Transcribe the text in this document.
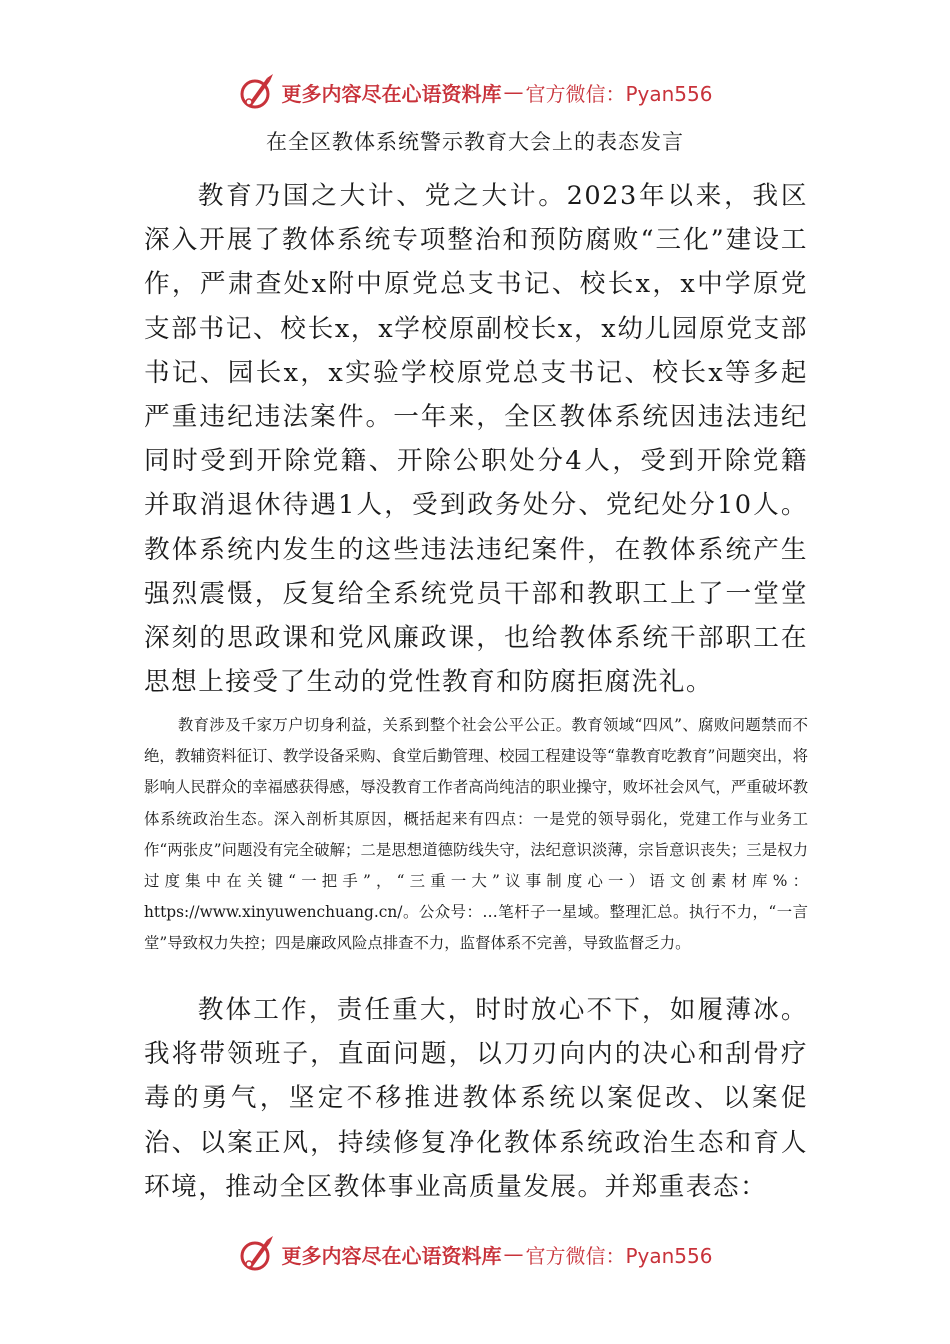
更多内容尽在心语资料库 — 官方微信：Pyan556
在全区教体系统警示教育大会上的表态发言

教育乃国之大计、党之大计。2023年以来，我区深入开展了教体系统专项整治和预防腐败“三化”建设工作，严肃查处x附中原党总支书记、校长x，x中学原党支部书记、校长x，x学校原副校长x，x幼儿园原党支部书记、园长x，x实验学校原党总支书记、校长x等多起严重违纪违法案件。一年来，全区教体系统因违法违纪同时受到开除党籍、开除公职处分4人，受到开除党籍并取消退休待遇1人，受到政务处分、党纪处分10人。教体系统内发生的这些违法违纪案件，在教体系统产生强烈震慑，反复给全系统党员干部和教职工上了一堂堂深刻的思政课和党风廉政课，也给教体系统干部职工在思想上接受了生动的党性教育和防腐拒腐洗礼。

教育涉及千家万户切身利益，关系到整个社会公平公正。教育领域“四风”、腐败问题禁而不绝，教辅资料征订、教学设备采购、食堂后勤管理、校园工程建设等“靠教育吃教育”问题突出，将影响人民群众的幸福感获得感，辱没教育工作者高尚纯洁的职业操守，败坏社会风气，严重破坏教体系统政治生态。深入剖析其原因，概括起来有四点：一是党的领导弱化，党建工作与业务工作“两张皮”问题没有完全破解；二是思想道德防线失守，法纪意识淡薄，宗旨意识丧失；三是权力过度集中在关键“一把手”，“三重一大”议事制度心一）语文创素材库%：https://www.xinyuwenchuang.cn/。公众号：…笔杆子一星域。整理汇总。执行不力，“一言堂”导致权力失控；四是廉政风险点排查不力，监督体系不完善，导致监督乏力。

教体工作，责任重大，时时放心不下，如履薄冰。我将带领班子，直面问题，以刀刃向内的决心和刮骨疗毒的勇气，坚定不移推进教体系统以案促改、以案促治、以案正风，持续修复净化教体系统政治生态和育人环境，推动全区教体事业高质量发展。并郑重表态：

更多内容尽在心语资料库 — 官方微信：Pyan556
